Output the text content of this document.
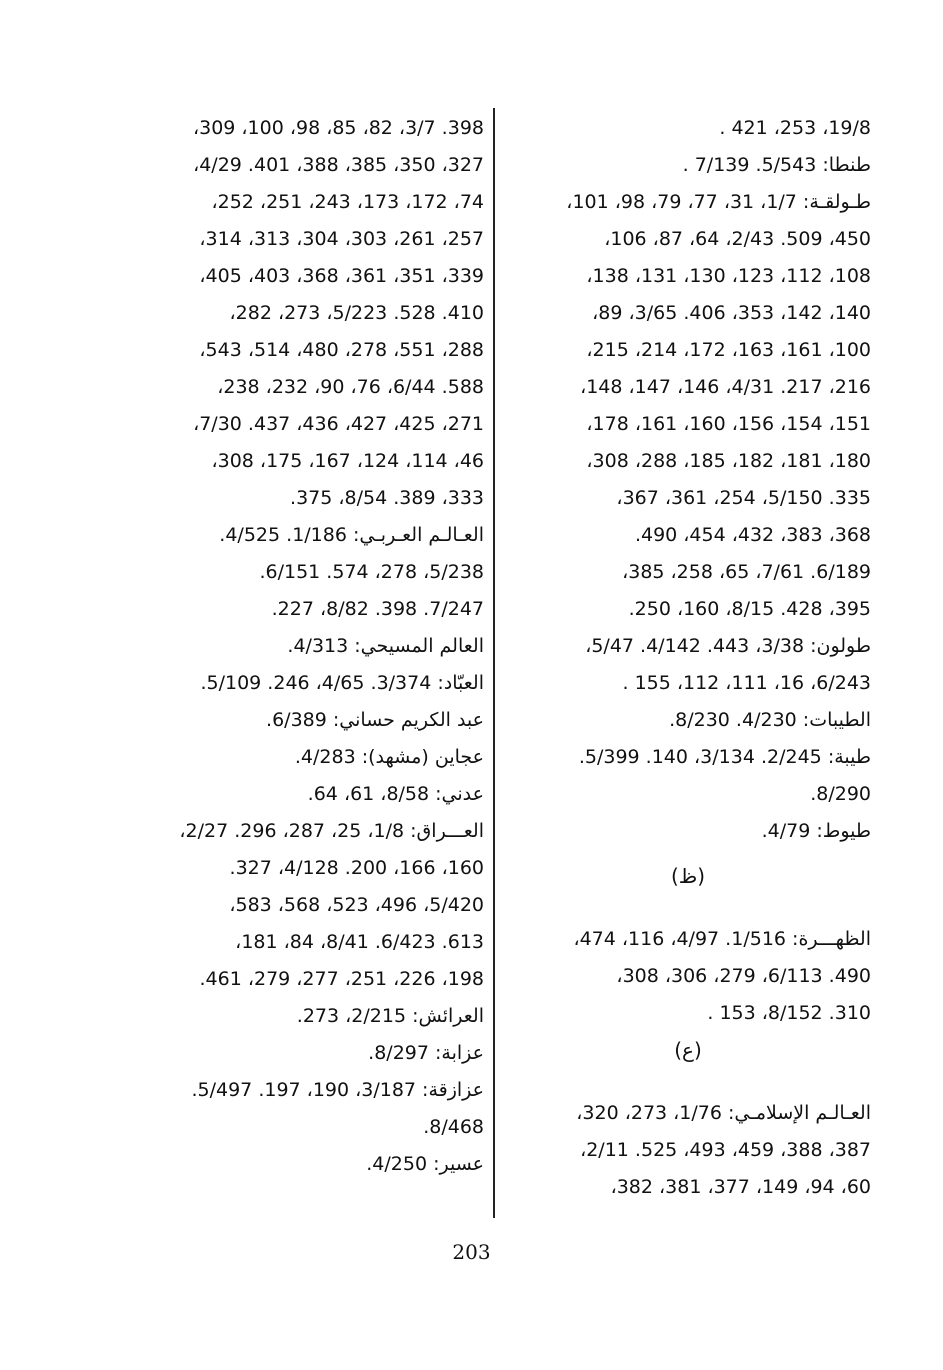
19/8، 253، 421 .
طنطا: 5/543. 7/139 .
طـولقـة: 1/7، 31، 77، 79، 98، 101،
450، 509. 2/43، 64، 87، 106،
108، 112، 123، 130، 131، 138،
140، 142، 353، 406. 3/65، 89،
100، 161، 163، 172، 214، 215،
216، 217. 4/31، 146، 147، 148،
151، 154، 156، 160، 161، 178،
180، 181، 182، 185، 288، 308،
335. 5/150، 254، 361، 367،
368، 383، 432، 454، 490.
6/189. 7/61، 65، 258، 385،
395، 428. 8/15، 160، 250.
طولون: 3/38، 443. 4/142. 5/47،
6/243، 16، 111، 112، 155 .
الطيبات: 4/230. 8/230.
طيبة: 2/245. 3/134، 140. 5/399.
8/290.
طيوط: 4/79.
(ظ)
الظهـــرة: 1/516. 4/97، 116، 474،
490. 6/113، 279، 306، 308،
310. 8/152، 153 .
(ع)
العـالـم الإسلامـي: 1/76، 273، 320،
387، 388، 459، 493، 525. 2/11،
60، 94، 149، 377، 381، 382،
398. 3/7، 82، 85، 98، 100، 309،
327، 350، 385، 388، 401. 4/29،
74، 172، 173، 243، 251، 252،
257، 261، 303، 304، 313، 314،
339، 351، 361، 368، 403، 405،
410. 528. 5/223، 273، 282،
288، 551، 278، 480، 514، 543،
588. 6/44، 76، 90، 232، 238،
271، 425، 427، 436، 437. 7/30،
46، 114، 124، 167، 175، 308،
333، 389. 8/54، 375.
العـالـم العـربـي: 1/186. 4/525.
5/238، 278، 574. 6/151.
7/247. 398. 8/82، 227.
العالم المسيحي: 4/313.
العبّاد: 3/374. 4/65، 246. 5/109.
عبد الكريم حساني: 6/389.
عجاين (مشهد): 4/283.
عدني: 8/58، 61، 64.
العـــراق: 1/8، 25، 287، 296. 2/27،
160، 166، 200. 4/128، 327.
5/420، 496، 523، 568، 583،
613. 6/423. 8/41، 84، 181،
198، 226، 251، 277، 279، 461.
العرائش: 2/215، 273.
عزابة: 8/297.
عزازقة: 3/187، 190، 197. 5/497.
8/468.
عسير: 4/250.
203
